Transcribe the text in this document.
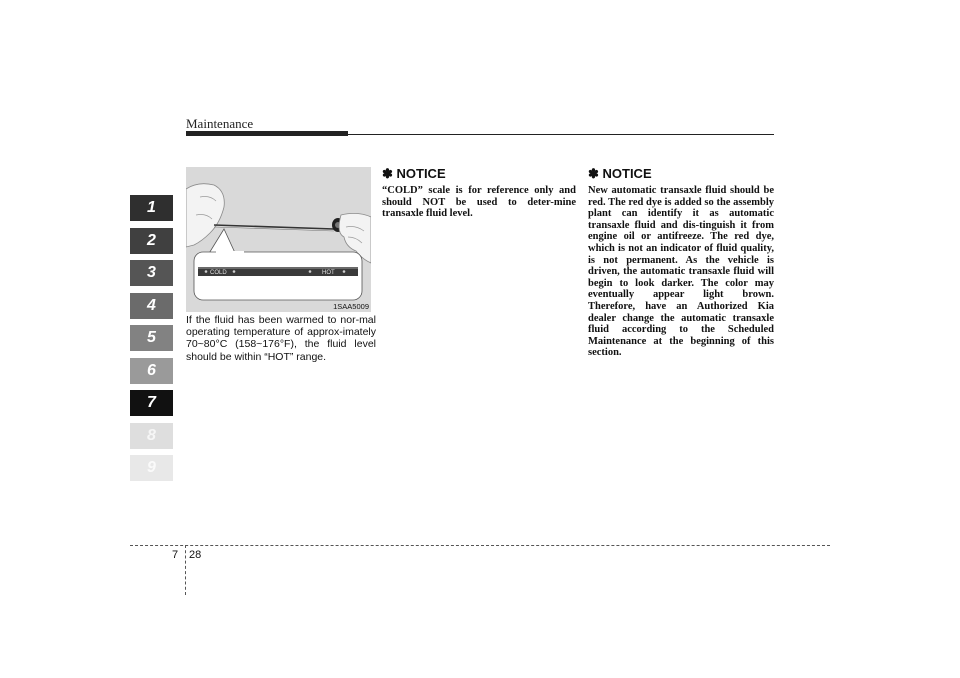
Maintenance
1
2
3
4
5
6
7
8
9
COLD	HOT
1SAA5009
If the fluid has been warmed to nor-mal operating temperature of approx-imately 70~80°C (158~176°F), the fluid level should be within “HOT” range.
✽ NOTICE
“COLD” scale is for reference only and should NOT be used to deter-mine transaxle fluid level.
✽ NOTICE
New automatic transaxle fluid should be red. The red dye is added so the assembly plant can identify it as automatic transaxle fluid and dis-tinguish it from engine oil or antifreeze. The red dye, which is not an indicator of fluid quality, is not permanent. As the vehicle is driven, the automatic transaxle fluid will begin to look darker. The color may eventually appear light brown. Therefore, have an Authorized Kia dealer change the automatic transaxle fluid according to the Scheduled Maintenance at the beginning of this section.
7 28
